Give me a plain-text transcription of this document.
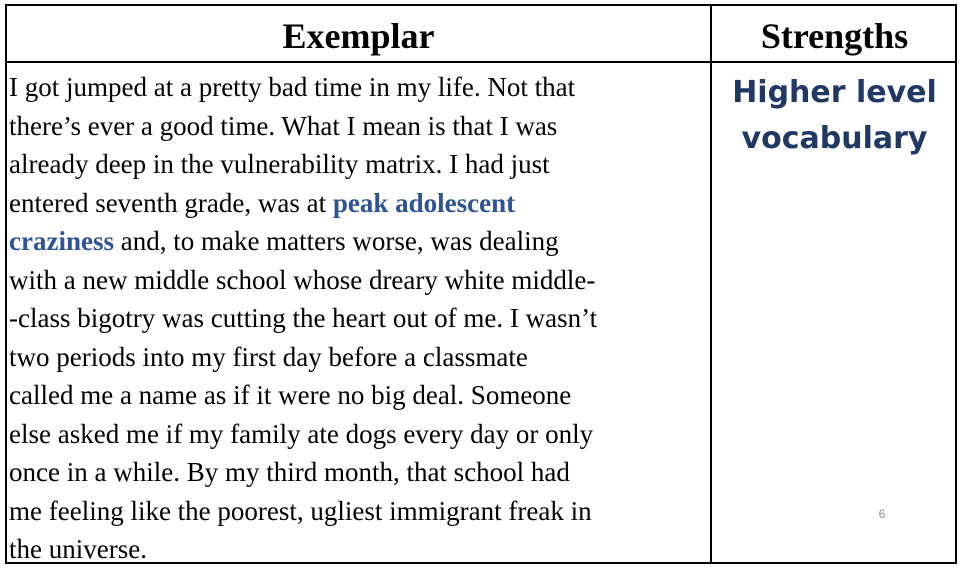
Exemplar	Strengths
I got jumped at a pretty bad time in my life. Not that
there’s ever a good time. What I mean is that I was
already deep in the vulnerability matrix. I had just
entered seventh grade, was at peak adolescent
craziness and, to make matters worse, was dealing
with a new middle school whose dreary white middle-
-class bigotry was cutting the heart out of me. I wasn’t
two periods into my first day before a classmate
called me a name as if it were no big deal. Someone
else asked me if my family ate dogs every day or only
once in a while. By my third month, that school had
me feeling like the poorest, ugliest immigrant freak in
the universe.
Higher level
vocabulary
6
